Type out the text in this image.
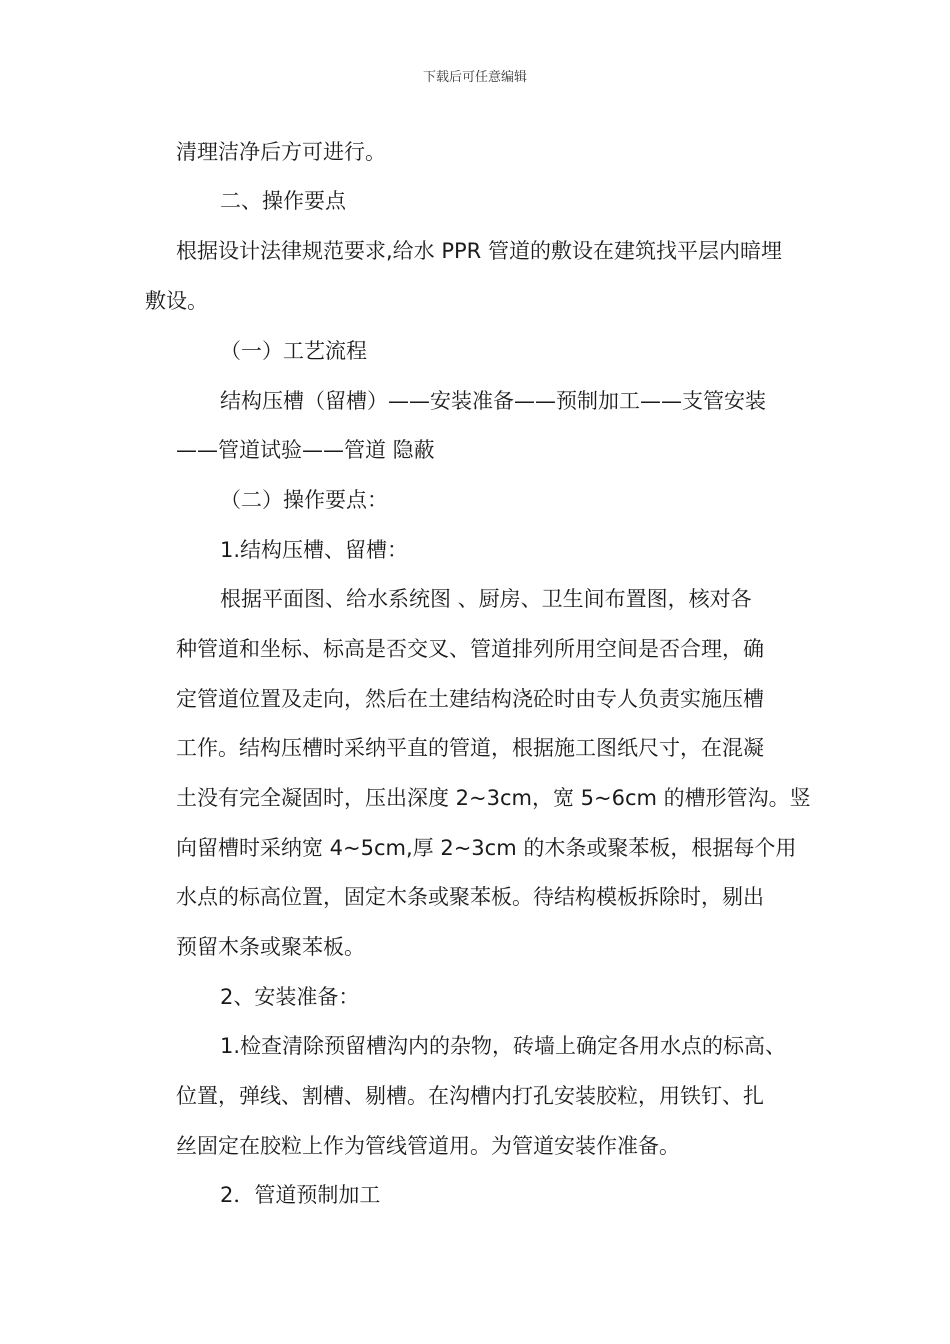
下载后可任意编辑
清理洁净后方可进行。
二、操作要点
根据设计法律规范要求,给水 PPR 管道的敷设在建筑找平层内暗埋
敷设。
（一）工艺流程
结构压槽（留槽）——安装准备——预制加工——支管安装
——管道试验——管道 隐蔽
（二）操作要点：
1.结构压槽、留槽：
根据平面图、给水系统图 、厨房、卫生间布置图，核对各
种管道和坐标、标高是否交叉、管道排列所用空间是否合理，确
定管道位置及走向，然后在土建结构浇砼时由专人负责实施压槽
工作。结构压槽时采纳平直的管道，根据施工图纸尺寸，在混凝
土没有完全凝固时，压出深度 2~3cm，宽 5~6cm 的槽形管沟。竖
向留槽时采纳宽 4~5cm,厚 2~3cm 的木条或聚苯板，根据每个用
水点的标高位置，固定木条或聚苯板。待结构模板拆除时，剔出
预留木条或聚苯板。
2、安装准备：
1.检查清除预留槽沟内的杂物，砖墙上确定各用水点的标高、
位置，弹线、割槽、剔槽。在沟槽内打孔安装胶粒，用铁钉、扎
丝固定在胶粒上作为管线管道用。为管道安装作准备。
2．管道预制加工
